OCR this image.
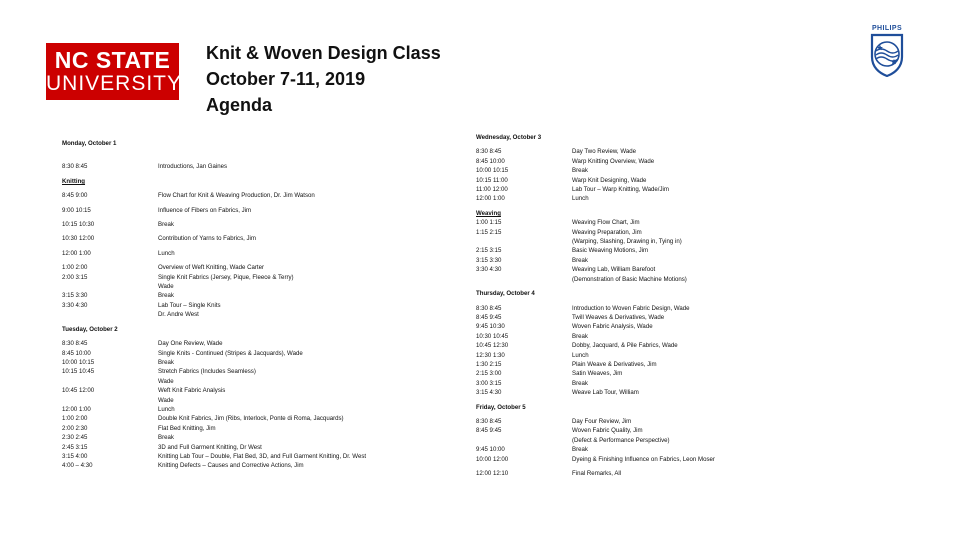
NC STATE
UNIVERSITY
Knit & Woven Design Class
October 7-11, 2019
Agenda
PHILIPS
Monday, October 1
8:30 8:45	Introductions, Jan Gaines
Knitting
8:45 9:00	Flow Chart for Knit & Weaving Production, Dr. Jim Watson
9:00 10:15	Influence of Fibers on Fabrics, Jim
10:15 10:30	Break
10:30 12:00	Contribution of Yarns to Fabrics, Jim
12:00 1:00	Lunch
1:00 2:00	Overview of Weft Knitting, Wade Carter
2:00 3:15	Single Knit Fabrics (Jersey, Pique, Fleece & Terry)
Wade
3:15 3:30	Break
3:30 4:30	Lab Tour – Single Knits
Dr. Andre West
Tuesday, October 2
8:30 8:45	Day One Review, Wade
8:45 10:00	Single Knits - Continued (Stripes & Jacquards), Wade
10:00 10:15	Break
10:15 10:45	Stretch Fabrics (Includes Seamless)
Wade
10:45 12:00	Weft Knit Fabric Analysis
Wade
12:00 1:00	Lunch
1:00 2:00	Double Knit Fabrics, Jim (Ribs, Interlock, Ponte di Roma, Jacquards)
2:00 2:30	Flat Bed Knitting, Jim
2:30 2:45	Break
2:45 3:15	3D and Full Garment Knitting, Dr West
3:15 4:00	Knitting Lab Tour – Double, Flat Bed, 3D, and Full Garment Knitting, Dr. West
4:00 – 4:30	Knitting Defects – Causes and Corrective Actions, Jim
Wednesday, October 3
8:30 8:45	Day Two Review, Wade
8:45 10:00	Warp Knitting Overview, Wade
10:00 10:15	Break
10:15 11:00	Warp Knit Designing, Wade
11:00 12:00	Lab Tour – Warp Knitting, Wade/Jim
12:00 1:00	Lunch
Weaving
1:00 1:15	Weaving Flow Chart, Jim
1:15 2:15	Weaving Preparation, Jim
(Warping, Slashing, Drawing in, Tying in)
2:15 3:15	Basic Weaving Motions, Jim
3:15 3:30	Break
3:30 4:30	Weaving Lab, William Barefoot
(Demonstration of Basic Machine Motions)
Thursday, October 4
8:30 8:45	Introduction to Woven Fabric Design, Wade
8:45 9:45	Twill Weaves & Derivatives, Wade
9:45 10:30	Woven Fabric Analysis, Wade
10:30 10:45	Break
10:45 12:30	Dobby, Jacquard, & Pile Fabrics, Wade
12:30 1:30	Lunch
1:30 2:15	Plain Weave & Derivatives, Jim
2:15 3:00	Satin Weaves, Jim
3:00 3:15	Break
3:15 4:30	Weave Lab Tour, William
Friday, October 5
8:30 8:45	Day Four Review, Jim
8:45 9:45	Woven Fabric Quality, Jim
(Defect & Performance Perspective)
9:45 10:00	Break
10:00 12:00	Dyeing & Finishing Influence on Fabrics, Leon Moser
12:00 12:10	Final Remarks, All
